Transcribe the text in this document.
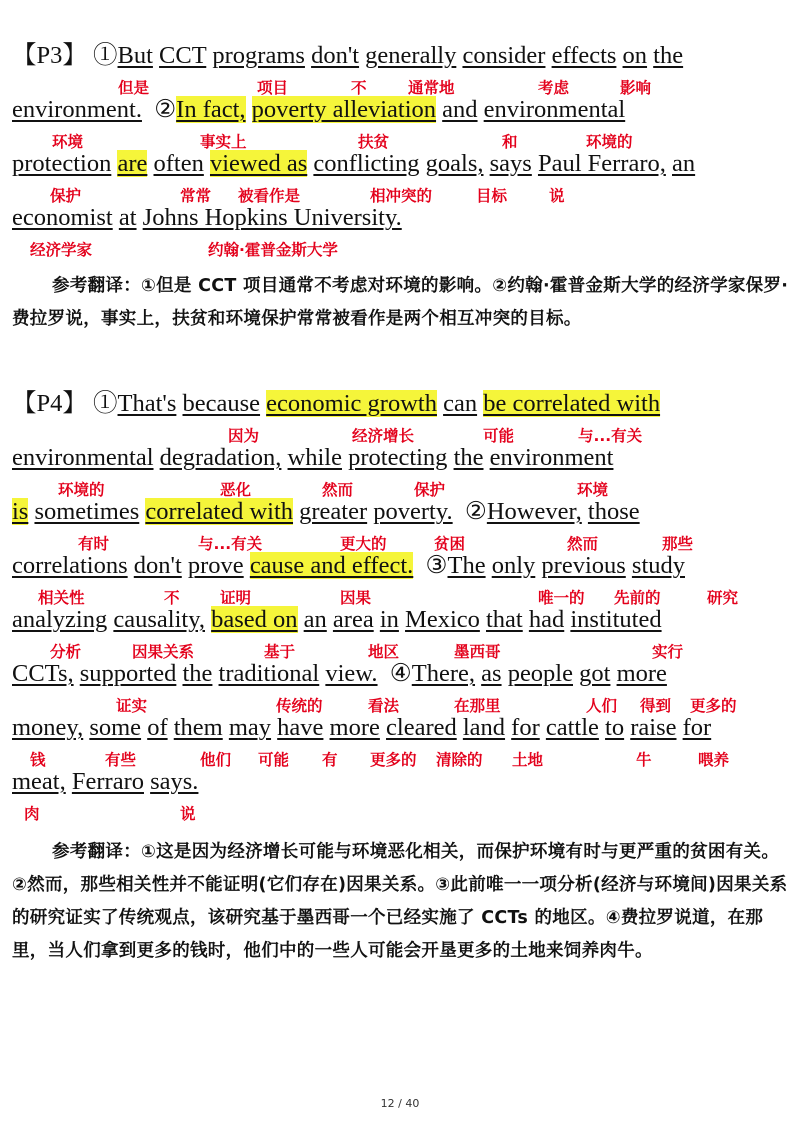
【P3】 ①But CCT programs don't generally consider effects on the
environment. ②In fact, poverty alleviation and environmental
protection are often viewed as conflicting goals, says Paul Ferraro, an
economist at Johns Hopkins University.
但是	项目	不	通常地	考虑	影响
环境	事实上	扶贫	和	环境的
保护	常常 被看作是	相冲突的	目标	说
经济学家	约翰·霍普金斯大学
参考翻译：①但是 CCT 项目通常不考虑对环境的影响。②约翰·霍普金斯大学的经济学家保罗·费拉罗说，事实上，扶贫和环境保护常常被看作是两个相互冲突的目标。
【P4】 ①That's because economic growth can be correlated with
environmental degradation, while protecting the environment
is sometimes correlated with greater poverty. ②However, those
correlations don't prove cause and effect. ③The only previous study
analyzing causality, based on an area in Mexico that had instituted
CCTs, supported the traditional view. ④There, as people got more
money, some of them may have more cleared land for cattle to raise for
meat, Ferraro says.
因为	经济增长	可能	与...有关
环境的	恶化	然而	保护	环境
有时	与...有关	更大的	贫困	然而	那些
相关性	不	证明	因果	唯一的 先前的	研究
分析	因果关系	基于	地区	墨西哥	实行
证实	传统的	看法	在那里	人们 得到 更多的
钱	有些	他们 可能 有 更多的 清除的 土地	牛	喂养
肉	说
参考翻译：①这是因为经济增长可能与环境恶化相关，而保护环境有时与更严重的贫困有关。②然而，那些相关性并不能证明(它们存在)因果关系。③此前唯一一项分析(经济与环境间)因果关系的研究证实了传统观点，该研究基于墨西哥一个已经实施了 CCTs 的地区。④费拉罗说道，在那里，当人们拿到更多的钱时，他们中的一些人可能会开垦更多的土地来饲养肉牛。
12 / 40
